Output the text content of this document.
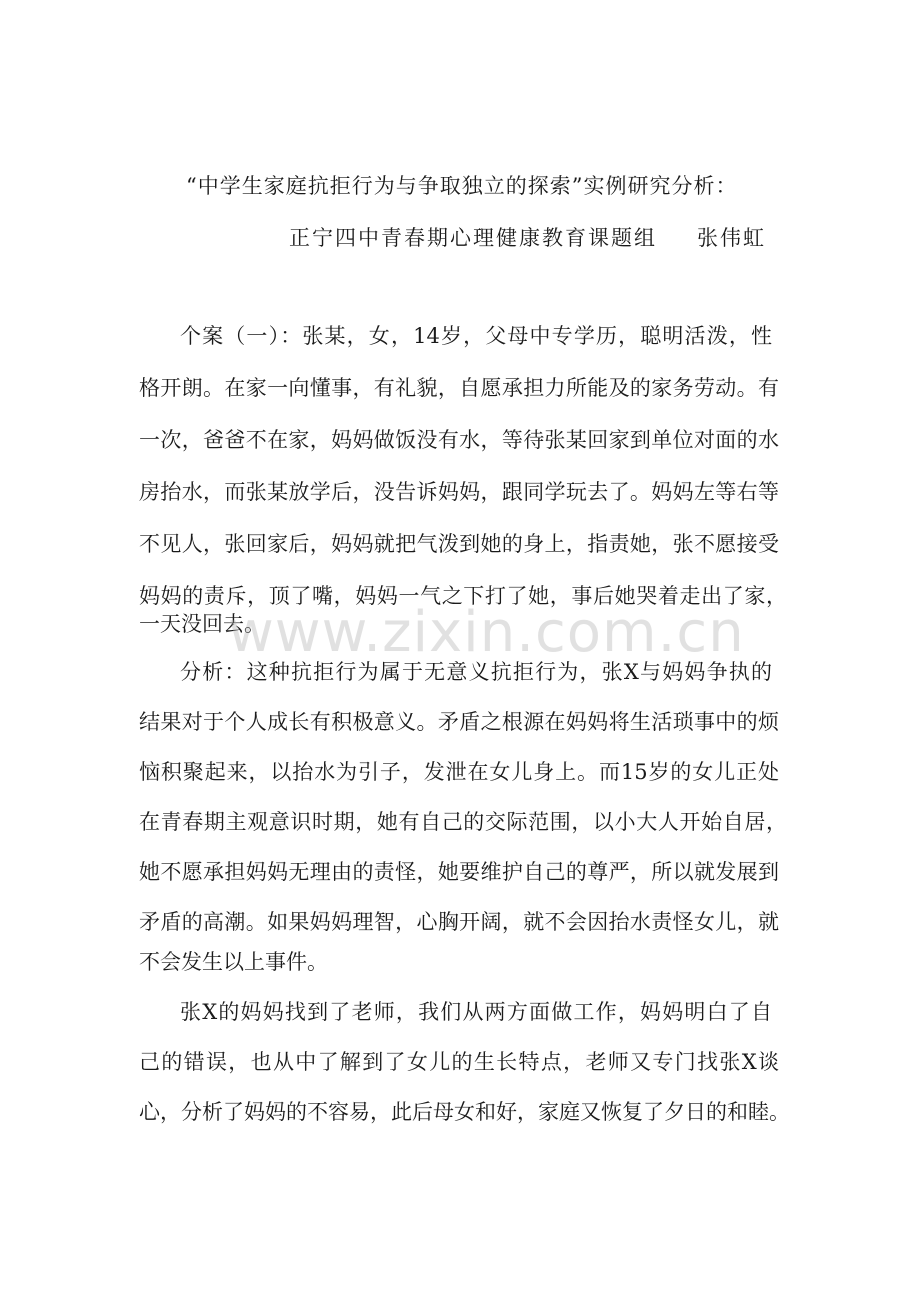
“中学生家庭抗拒行为与争取独立的探索”实例研究分析：
正宁四中青春期心理健康教育课题组 张伟虹
个案（一）：张某，女，14岁，父母中专学历，聪明活泼，性
格开朗。在家一向懂事，有礼貌，自愿承担力所能及的家务劳动。有
一次，爸爸不在家，妈妈做饭没有水，等待张某回家到单位对面的水
房抬水，而张某放学后，没告诉妈妈，跟同学玩去了。妈妈左等右等
不见人，张回家后，妈妈就把气泼到她的身上，指责她，张不愿接受
妈妈的责斥，顶了嘴，妈妈一气之下打了她，事后她哭着走出了家，
一天没回去。
分析：这种抗拒行为属于无意义抗拒行为，张X与妈妈争执的
结果对于个人成长有积极意义。矛盾之根源在妈妈将生活琐事中的烦
恼积聚起来，以抬水为引子，发泄在女儿身上。而15岁的女儿正处
在青春期主观意识时期，她有自己的交际范围，以小大人开始自居，
她不愿承担妈妈无理由的责怪，她要维护自己的尊严，所以就发展到
矛盾的高潮。如果妈妈理智，心胸开阔，就不会因抬水责怪女儿，就
不会发生以上事件。
张X的妈妈找到了老师，我们从两方面做工作，妈妈明白了自
己的错误，也从中了解到了女儿的生长特点，老师又专门找张X谈
心，分析了妈妈的不容易，此后母女和好，家庭又恢复了夕日的和睦。
www.zixin.com.cn
